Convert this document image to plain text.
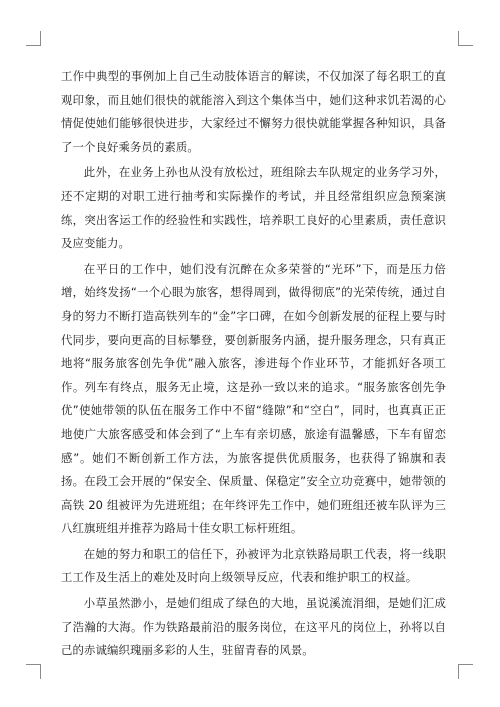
工作中典型的事例加上自己生动肢体语言的解读，不仅加深了每名职工的直观印象，而且她们很快的就能溶入到这个集体当中，她们这种求饥若渴的心情促使她们能够很快进步，大家经过不懈努力很快就能掌握各种知识，具备了一个良好乘务员的素质。

此外，在业务上孙也从没有放松过，班组除去车队规定的业务学习外，还不定期的对职工进行抽考和实际操作的考试，并且经常组织应急预案演练，突出客运工作的经验性和实践性，培养职工良好的心里素质，责任意识及应变能力。

在平日的工作中，她们没有沉醉在众多荣誉的“光环”下，而是压力倍增，始终发扬“一个心眼为旅客，想得周到，做得彻底”的光荣传统，通过自身的努力不断打造高铁列车的“金”字口碑，在如今创新发展的征程上要与时代同步，要向更高的目标攀登，要创新服务内涵，提升服务理念，只有真正地将“服务旅客创先争优”融入旅客，渗进每个作业环节，才能抓好各项工作。列车有终点，服务无止境，这是孙一致以来的追求。“服务旅客创先争优”使她带领的队伍在服务工作中不留“缝隙”和“空白”，同时，也真真正正地使广大旅客感受和体会到了“上车有亲切感，旅途有温馨感，下车有留恋感”。她们不断创新工作方法，为旅客提供优质服务，也获得了锦旗和表扬。在段工会开展的“保安全、保质量、保稳定”安全立功竞赛中，她带领的高铁 20 组被评为先进班组；在年终评先工作中，她们班组还被车队评为三八红旗班组并推荐为路局十佳女职工标杆班组。

在她的努力和职工的信任下，孙被评为北京铁路局职工代表，将一线职工工作及生活上的难处及时向上级领导反应，代表和维护职工的权益。

小草虽然渺小，是她们组成了绿色的大地，虽说溪流涓细，是她们汇成了浩瀚的大海。作为铁路最前沿的服务岗位，在这平凡的岗位上，孙将以自己的赤诚编织瑰丽多彩的人生，驻留青春的风景。
